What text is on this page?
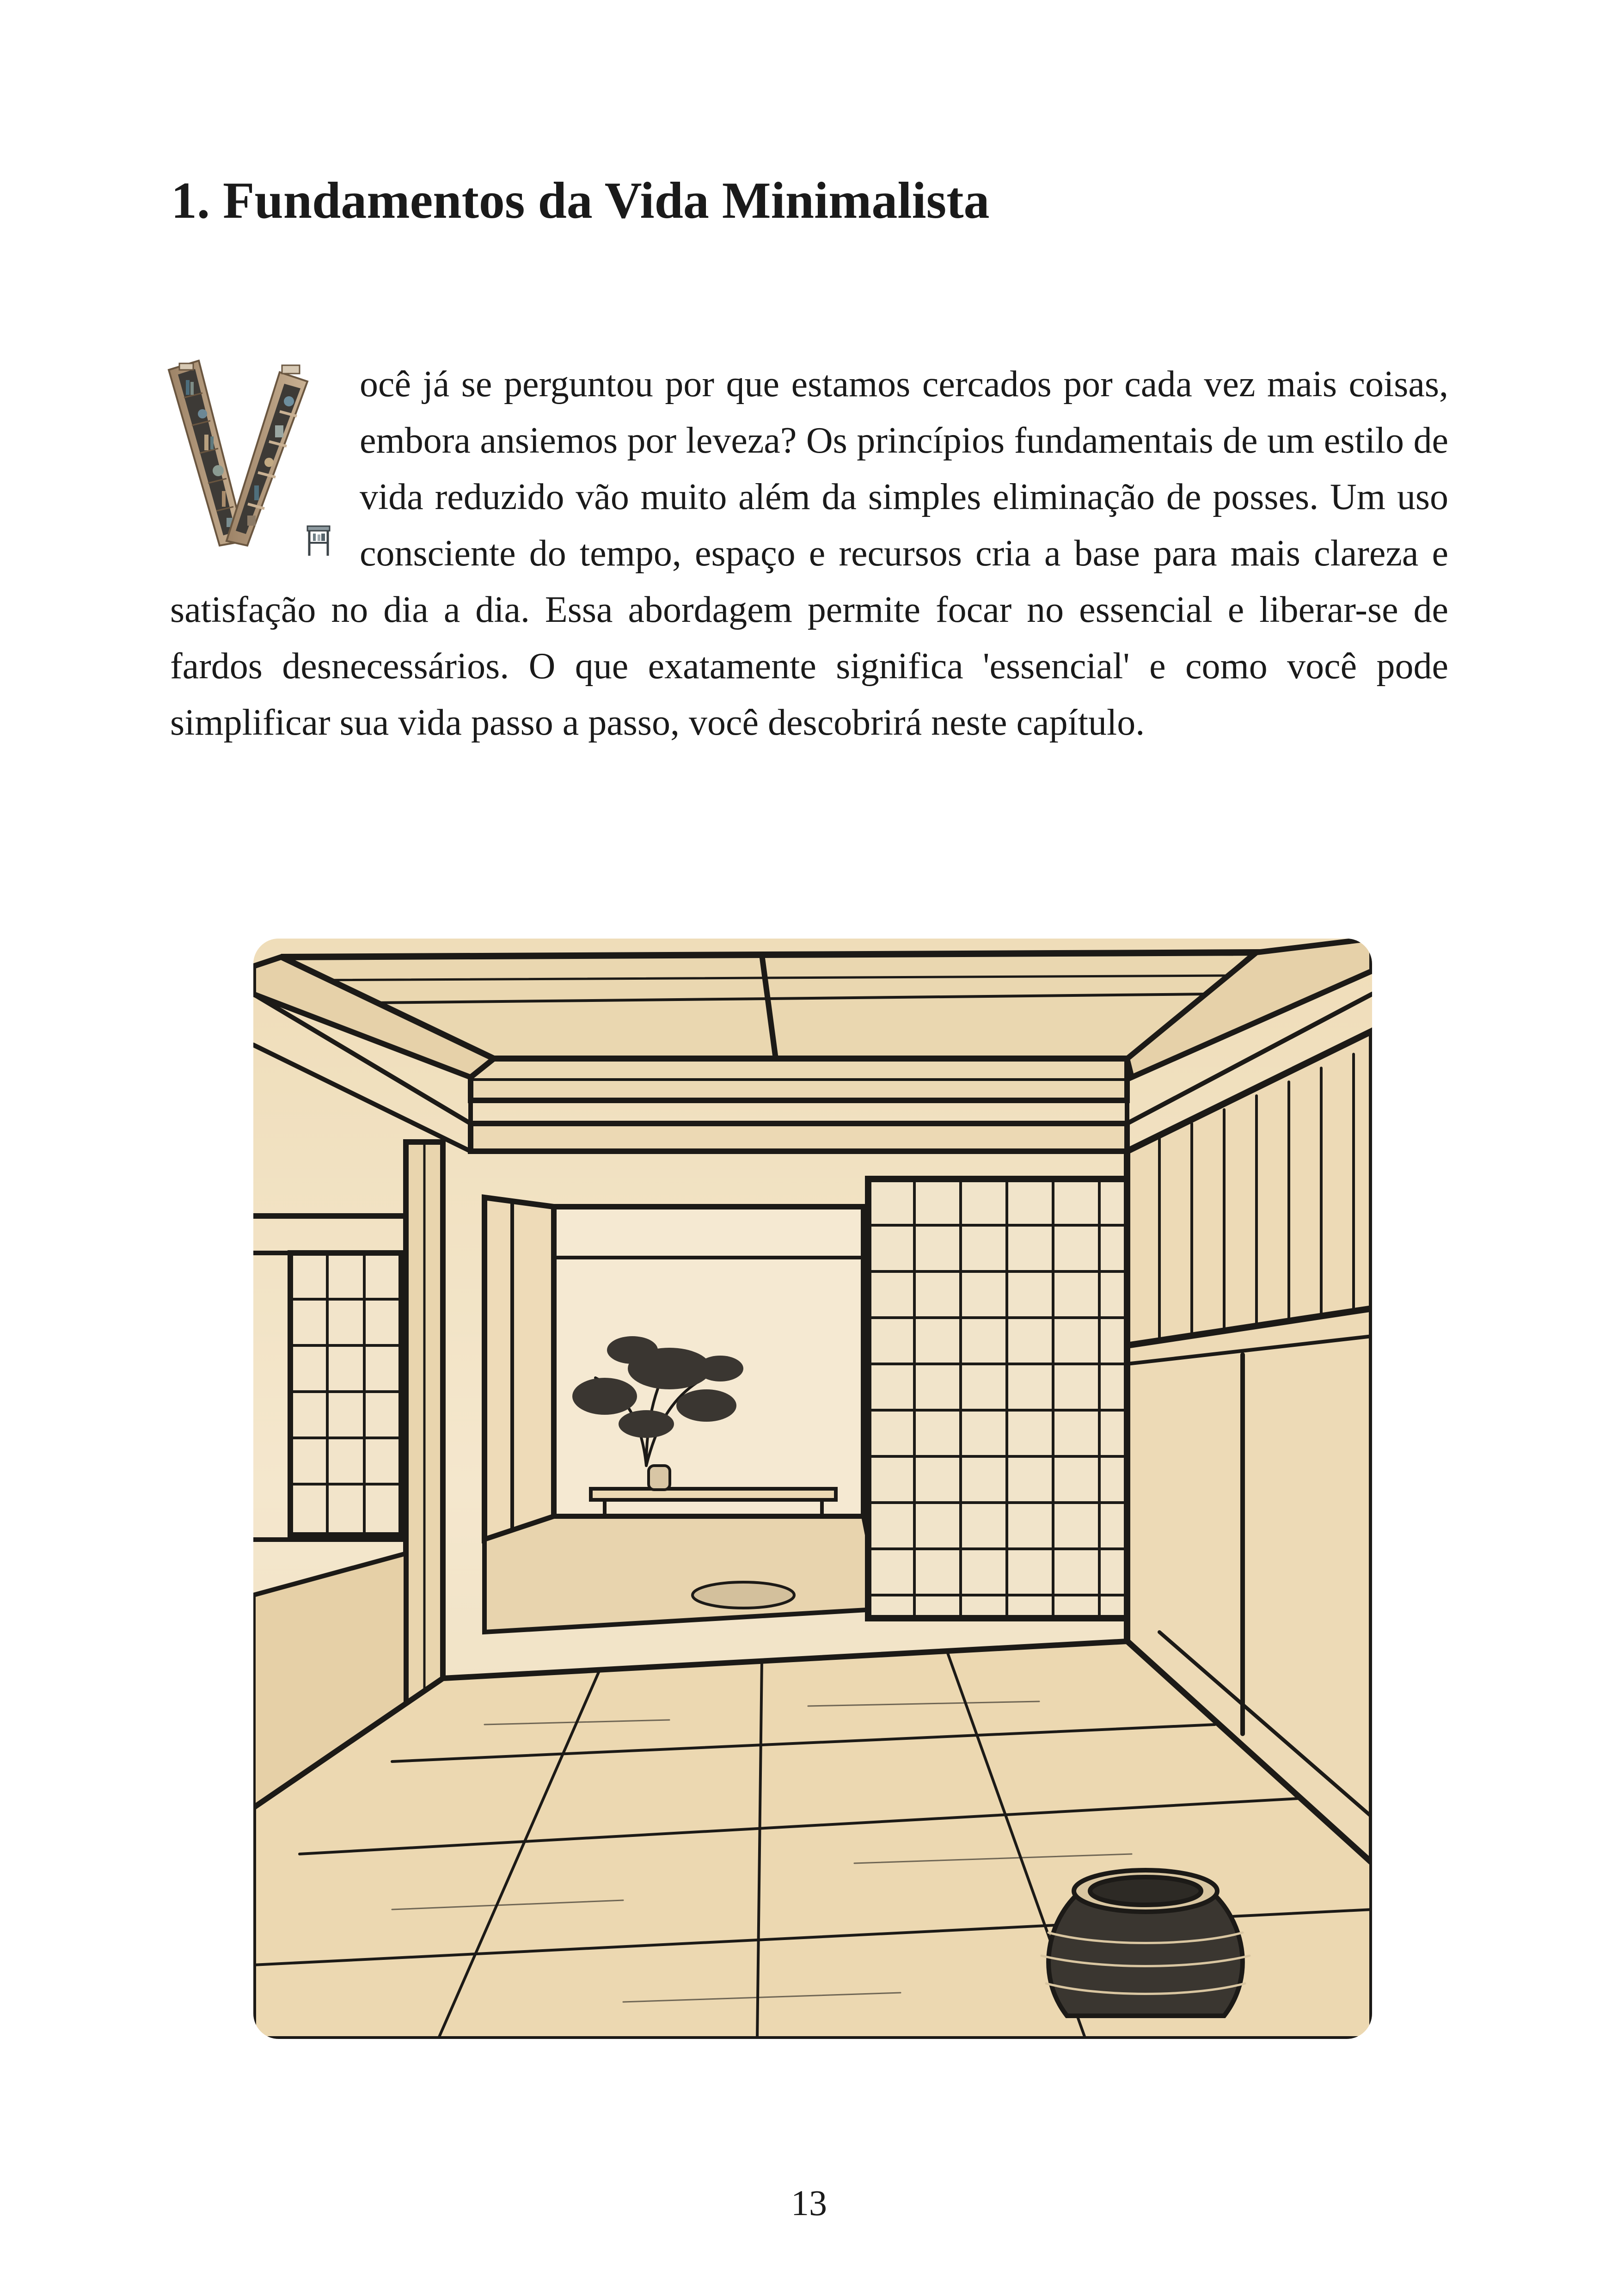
1. Fundamentos da Vida Minimalista

ocê já se perguntou por que estamos cercados por cada vez mais coisas, embora ansiemos por leveza? Os princípios fundamentais de um estilo de vida reduzido vão muito além da simples eliminação de posses. Um uso consciente do tempo, espaço e recursos cria a base para mais clareza e satisfação no dia a dia. Essa abordagem permite focar no essencial e liberar-se de fardos desnecessários. O que exatamente significa 'essencial' e como você pode simplificar sua vida passo a passo, você descobrirá neste capítulo.

13
